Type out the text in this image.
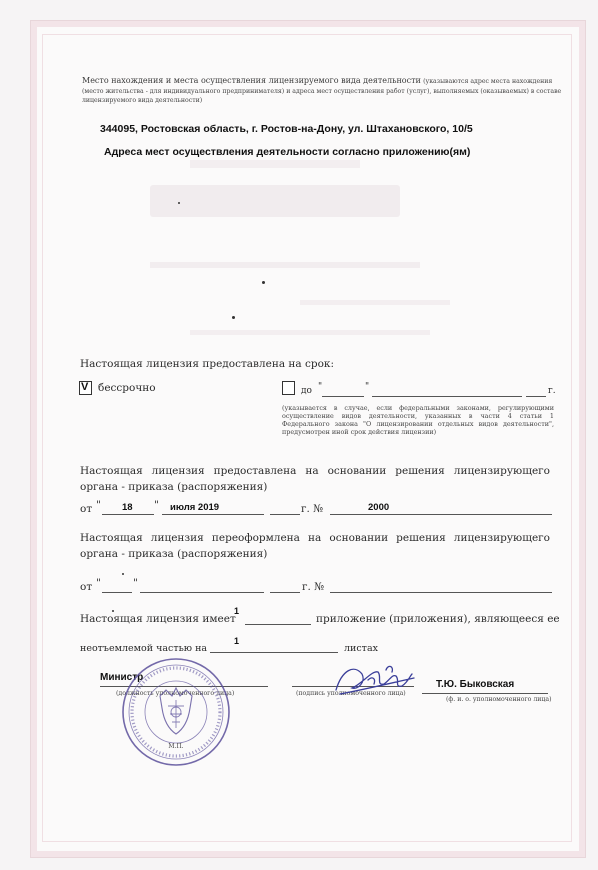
Место нахождения и места осуществления лицензируемого вида деятельности (указываются адрес места нахождения (место жительства - для индивидуального предпринимателя) и адреса мест осуществления работ (услуг), выполняемых (оказываемых) в составе лицензируемого вида деятельности)
344095, Ростовская область, г. Ростов-на-Дону, ул. Штахановского, 10/5
Адреса мест осуществления деятельности согласно приложению(ям)
Настоящая лицензия предоставлена на срок:
V бессрочно	до "	"	г.
(указывается в случае, если федеральными законами, регулирующими осуществление видов деятельности, указанных в части 4 статьи 1 Федерального закона "О лицензировании отдельных видов деятельности", предусмотрен иной срок действия лицензии)
Настоящая лицензия предоставлена на основании решения лицензирующего органа - приказа (распоряжения)
от " 18 " июля 2019	г. №	2000
Настоящая лицензия переоформлена на основании решения лицензирующего органа - приказа (распоряжения)
от "	"	г. №
Настоящая лицензия имеет
1
приложение (приложения), являющееся ее
неотъемлемой частью на
1
листах
Министр
(должность уполномоченного лица)	(подпись уполномоченного лица)
Т.Ю. Быковская
(ф. и. о. уполномоченного лица)
М.П.
